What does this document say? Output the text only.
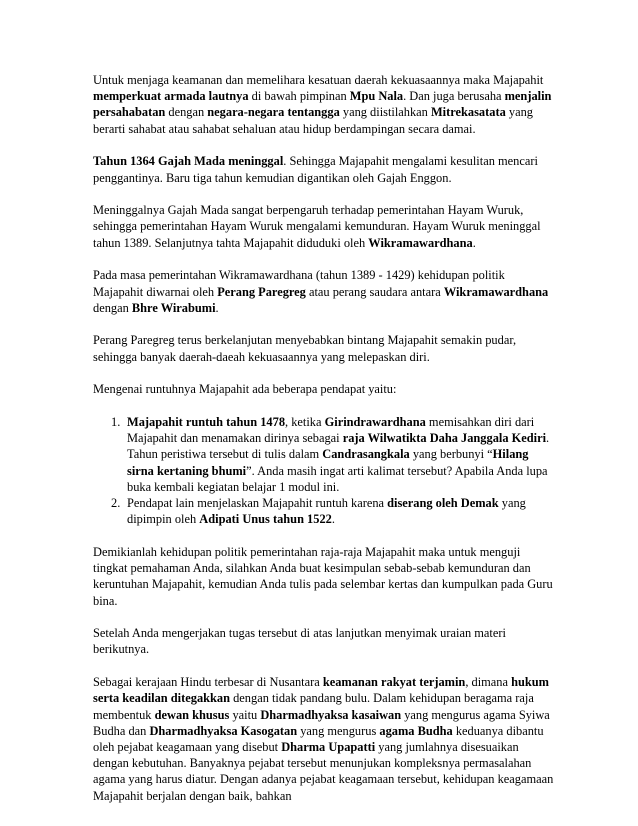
Untuk menjaga keamanan dan memelihara kesatuan daerah kekuasaannya maka Majapahit memperkuat armada lautnya di bawah pimpinan Mpu Nala. Dan juga berusaha menjalin persahabatan dengan negara-negara tentangga yang diistilahkan Mitrekasatata yang berarti sahabat atau sahabat sehaluan atau hidup berdampingan secara damai.

Tahun 1364 Gajah Mada meninggal. Sehingga Majapahit mengalami kesulitan mencari penggantinya. Baru tiga tahun kemudian digantikan oleh Gajah Enggon.

Meninggalnya Gajah Mada sangat berpengaruh terhadap pemerintahan Hayam Wuruk, sehingga pemerintahan Hayam Wuruk mengalami kemunduran. Hayam Wuruk meninggal tahun 1389. Selanjutnya tahta Majapahit diduduki oleh Wikramawardhana.

Pada masa pemerintahan Wikramawardhana (tahun 1389 - 1429) kehidupan politik Majapahit diwarnai oleh Perang Paregreg atau perang saudara antara Wikramawardhana dengan Bhre Wirabumi.

Perang Paregreg terus berkelanjutan menyebabkan bintang Majapahit semakin pudar, sehingga banyak daerah-daeah kekuasaannya yang melepaskan diri.

Mengenai runtuhnya Majapahit ada beberapa pendapat yaitu:

1. Majapahit runtuh tahun 1478, ketika Girindrawardhana memisahkan diri dari Majapahit dan menamakan dirinya sebagai raja Wilwatikta Daha Janggala Kediri. Tahun peristiwa tersebut di tulis dalam Candrasangkala yang berbunyi “Hilang sirna kertaning bhumi”. Anda masih ingat arti kalimat tersebut? Apabila Anda lupa buka kembali kegiatan belajar 1 modul ini.
2. Pendapat lain menjelaskan Majapahit runtuh karena diserang oleh Demak yang dipimpin oleh Adipati Unus tahun 1522.

Demikianlah kehidupan politik pemerintahan raja-raja Majapahit maka untuk menguji tingkat pemahaman Anda, silahkan Anda buat kesimpulan sebab-sebab kemunduran dan keruntuhan Majapahit, kemudian Anda tulis pada selembar kertas dan kumpulkan pada Guru bina.

Setelah Anda mengerjakan tugas tersebut di atas lanjutkan menyimak uraian materi berikutnya.

Sebagai kerajaan Hindu terbesar di Nusantara keamanan rakyat terjamin, dimana hukum serta keadilan ditegakkan dengan tidak pandang bulu. Dalam kehidupan beragama raja membentuk dewan khusus yaitu Dharmadhyaksa kasaiwan yang mengurus agama Syiwa Budha dan Dharmadhyaksa Kasogatan yang mengurus agama Budha keduanya dibantu oleh pejabat keagamaan yang disebut Dharma Upapatti yang jumlahnya disesuaikan dengan kebutuhan. Banyaknya pejabat tersebut menunjukan kompleksnya permasalahan agama yang harus diatur. Dengan adanya pejabat keagamaan tersebut, kehidupan keagamaan Majapahit berjalan dengan baik, bahkan
